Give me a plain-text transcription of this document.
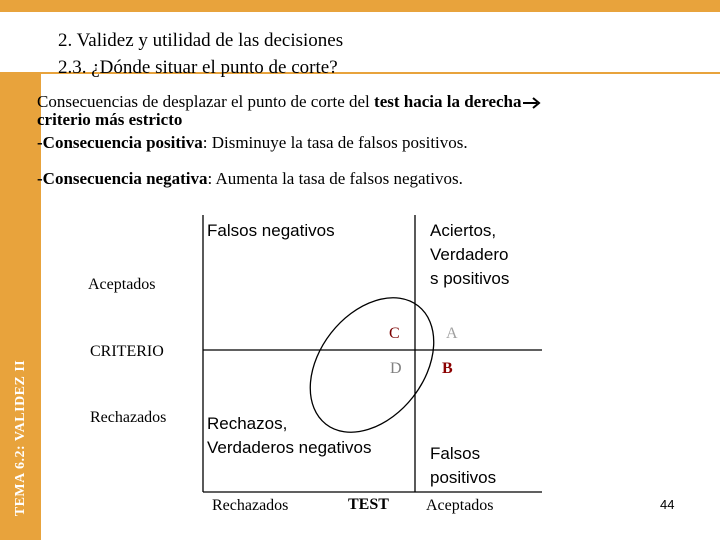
TEMA 6.2: VALIDEZ II
2. Validez y utilidad de las decisiones
2.3. ¿Dónde situar el punto de corte?
Consecuencias de desplazar el punto de corte del test hacia la derecha
criterio más estricto
-Consecuencia positiva: Disminuye la tasa de falsos positivos.
-Consecuencia negativa: Aumenta la tasa de falsos negativos.
Falsos negativos	Aciertos,
Verdadero
s positivos
Aceptados
CRITERIO
Rechazados
C	A
D	B
Rechazos,
Verdaderos negativos	Falsos
positivos
Rechazados	TEST Aceptados	44
